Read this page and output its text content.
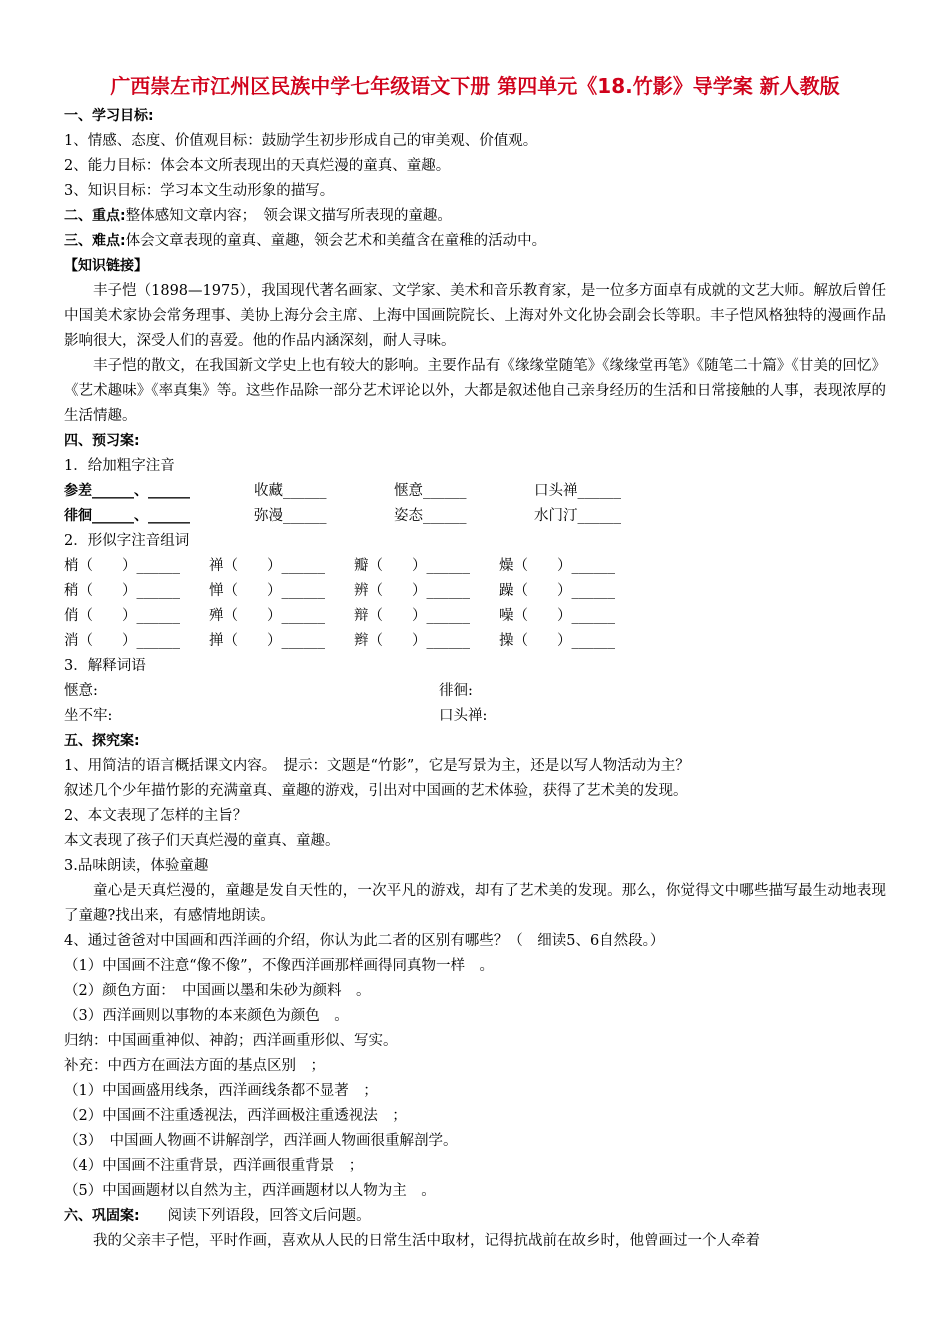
广西崇左市江州区民族中学七年级语文下册 第四单元《18.竹影》导学案 新人教版
一、学习目标:
1、情感、态度、价值观目标：鼓励学生初步形成自己的审美观、价值观。
2、能力目标：体会本文所表现出的天真烂漫的童真、童趣。
3、知识目标：学习本文生动形象的描写。
二、重点:整体感知文章内容；　领会课文描写所表现的童趣。
三、难点:体会文章表现的童真、童趣，领会艺术和美蕴含在童稚的活动中。
【知识链接】
丰子恺（1898—1975），我国现代著名画家、文学家、美术和音乐教育家，是一位多方面卓有成就的文艺大师。解放后曾任中国美术家协会常务理事、美协上海分会主席、上海中国画院院长、上海对外文化协会副会长等职。丰子恺风格独特的漫画作品影响很大，深受人们的喜爱。他的作品内涵深刻，耐人寻味。
丰子恺的散文，在我国新文学史上也有较大的影响。主要作品有《缘缘堂随笔》《缘缘堂再笔》《随笔二十篇》《甘美的回忆》《艺术趣味》《率真集》等。这些作品除一部分艺术评论以外，大都是叙述他自己亲身经历的生活和日常接触的人事，表现浓厚的生活情趣。
四、预习案:
1．给加粗字注音
参差______、______	收藏______	惬意______	口头禅______
徘徊______、______	弥漫______	姿态______	水门汀______
2．形似字注音组词
梢（　　）______	禅（　　）______	瓣（　　）______	燥（　　）______
稍（　　）______	惮（　　）______	辨（　　）______	躁（　　）______
俏（　　）______	殚（　　）______	辩（　　）______	噪（　　）______
消（　　）______	掸（　　）______	辫（　　）______	操（　　）______
3．解释词语
惬意:	徘徊:
坐不牢:	口头禅:
五、探究案:
1、用简洁的语言概括课文内容。　提示：文题是“竹影”，它是写景为主，还是以写人物活动为主？
叙述几个少年描竹影的充满童真、童趣的游戏，引出对中国画的艺术体验，获得了艺术美的发现。
2、本文表现了怎样的主旨？
本文表现了孩子们天真烂漫的童真、童趣。
3.品味朗读，体验童趣
童心是天真烂漫的，童趣是发自天性的，一次平凡的游戏，却有了艺术美的发现。那么，你觉得文中哪些描写最生动地表现了童趣?找出来，有感情地朗读。
4、通过爸爸对中国画和西洋画的介绍，你认为此二者的区别有哪些？（　细读5、6自然段。）
（1）中国画不注意“像不像”，不像西洋画那样画得同真物一样　。
（2）颜色方面：　中国画以墨和朱砂为颜料　。
（3）西洋画则以事物的本来颜色为颜色　。
归纳：中国画重神似、神韵；西洋画重形似、写实。
补充：中西方在画法方面的基点区别　；
（1）中国画盛用线条，西洋画线条都不显著　；
（2）中国画不注重透视法，西洋画极注重透视法　；
（3）　中国画人物画不讲解剖学，西洋画人物画很重解剖学。
（4）中国画不注重背景，西洋画很重背景　；
（5）中国画题材以自然为主，西洋画题材以人物为主　。
六、巩固案: 阅读下列语段，回答文后问题。
我的父亲丰子恺，平时作画，喜欢从人民的日常生活中取材，记得抗战前在故乡时，他曾画过一个人牵着
